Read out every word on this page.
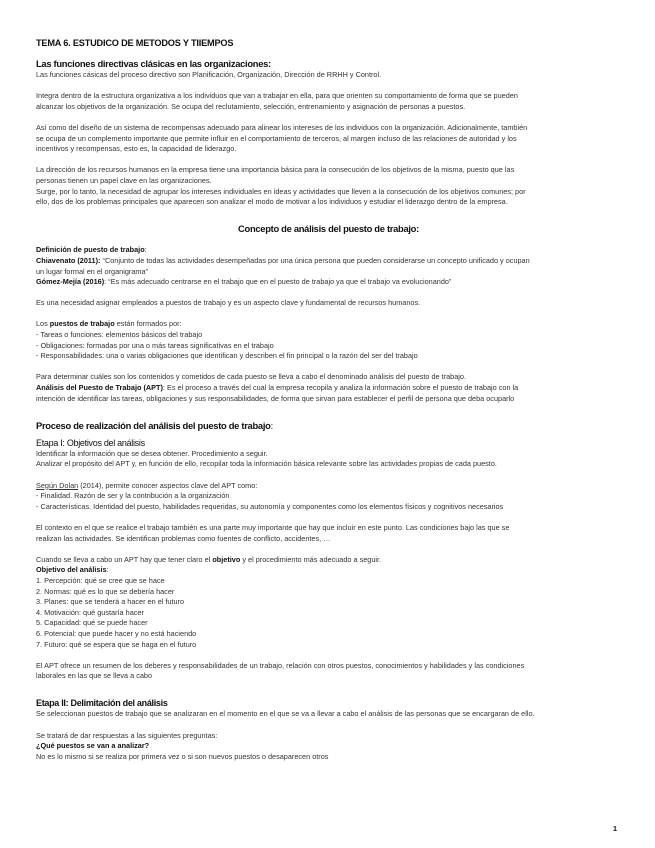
TEMA 6. ESTUDICO DE METODOS Y TIIEMPOS
Las funciones directivas clásicas en las organizaciones:

Las funciones cásicas del proceso directivo son Planificación, Organización, Dirección de RRHH y Control.

Integra dentro de la estructura organizativa a los individuos que van a trabajar en ella, para que orienten su comportamiento de forma que se pueden

alcanzar los objetivos de la organización. Se ocupa del reclutamiento, selección, entrenamiento y asignación de personas a puestos.

Así como del diseño de un sistema de recompensas adecuado para alinear los intereses de los individuos con la organización. Adicionalmente, también

se ocupa de un complemento importante que permite influir en el comportamiento de terceros, al margen incluso de las relaciones de autoridad y los

incentivos y recompensas, esto es, la capacidad de liderazgo.

La dirección de los recursos humanos en la empresa tiene una importancia básica para la consecución de los objetivos de la misma, puesto que las

personas tienen un papel clave en las organizaciones.

Surge, por lo tanto, la necesidad de agrupar los intereses individuales en ideas y actividades que lleven a la consecución de los objetivos comunes; por

ello, dos de los problemas principales que aparecen son analizar el modo de motivar a los individuos y estudiar el liderazgo dentro de la empresa.

Concepto de análisis del puesto de trabajo:

Definición de puesto de trabajo:

Chiavenato (2011): “Conjunto de todas las actividades desempeñadas por una única persona que pueden considerarse un concepto unificado y ocupan

un lugar formal en el organigrama”

Gómez-Mejía (2016): “Es más adecuado centrarse en el trabajo que en el puesto de trabajo ya que el trabajo va evolucionando”

Es una necesidad asignar empleados a puestos de trabajo y es un aspecto clave y fundamental de recursos humanos.

Los puestos de trabajo están formados por:

- Tareas o funciones: elementos básicos del trabajo

- Obligaciones: formadas por una o más tareas significativas en el trabajo

- Responsabilidades: una o varias obligaciones que identifican y describen el fin principal o la razón del ser del trabajo

Para determinar cuáles son los contenidos y cometidos de cada puesto se lleva a cabo el denominado análisis del puesto de trabajo.

Análisis del Puesto de Trabajo (APT): Es el proceso a través del cual la empresa recopila y analiza la información sobre el puesto de trabajo con la

intención de identificar las tareas, obligaciones y sus responsabilidades, de forma que sirvan para establecer el perfil de persona que deba ocuparlo

Proceso de realización del análisis del puesto de trabajo:
Etapa I: Objetivos del análisis

Identificar la información que se desea obtener. Procedimiento a seguir.

Analizar el propósito del APT y, en función de ello, recopilar toda la información básica relevante sobre las actividades propias de cada puesto.

Según Dolan (2014), permite conocer aspectos clave del APT como:

- Finalidad. Razón de ser y la contribución a la organización

- Características. Identidad del puesto, habilidades requeridas, su autonomía y componentes como los elementos físicos y cognitivos necesarios

El contexto en el que se realice el trabajo también es una parte muy importante que hay que incluir en este punto. Las condiciones bajo las que se

realizan las actividades. Se identifican problemas como fuentes de conflicto, accidentes, …

Cuando se lleva a cabo un APT hay que tener claro el objetivo y el procedimiento más adecuado a seguir.

Objetivo del análisis:

1. Percepción: qué se cree que se hace

2. Normas: qué es lo que se debería hacer

3. Planes: que se tenderá a hacer en el futuro

4. Motivación: qué gustaría hacer

5. Capacidad: qué se puede hacer

6. Potencial: que puede hacer y no está haciendo

7. Futuro: qué se espera que se haga en el futuro

El APT ofrece un resumen de los deberes y responsabilidades de un trabajo, relación con otros puestos, conocimientos y habilidades y las condiciones

laborales en las que se lleva a cabo

Etapa II: Delimitación del análisis

Se seleccionan puestos de trabajo que se analizaran en el momento en el que se va a llevar a cabo el análisis de las personas que se encargaran de ello.

Se tratará de dar respuestas a las siguientes preguntas:

¿Qué puestos se van a analizar?

No es lo mismo si se realiza por primera vez o si son nuevos puestos o desaparecen otros

1
